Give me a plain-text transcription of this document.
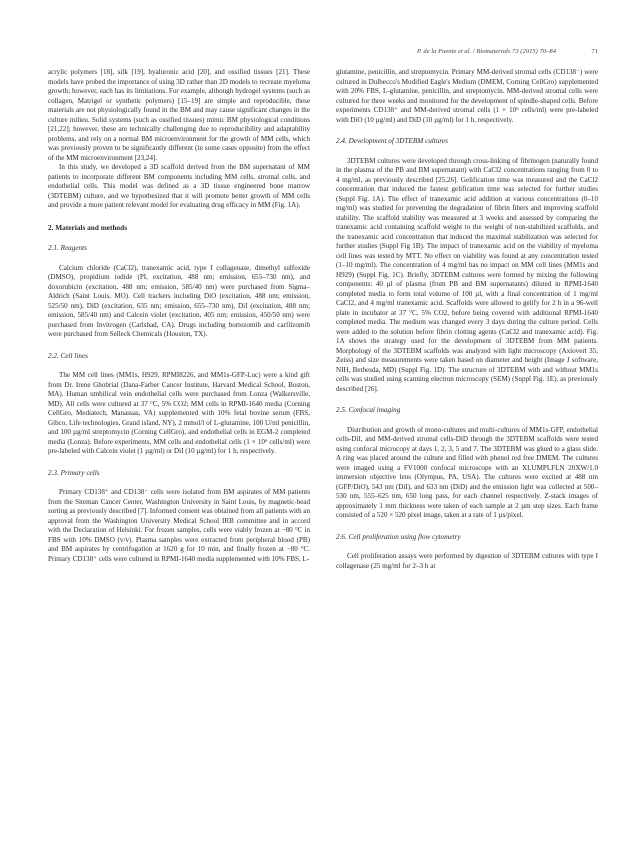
P. de la Puente et al. / Biomaterials 73 (2015) 70–84	71

acrylic polymers [18], silk [19], hyaluronic acid [20], and ossified tissues [21]. These models have probed the importance of using 3D rather than 2D models to recreate myeloma growth; however, each has its limitations. For example, although hydrogel systems (such as collagen, Matrigel or synthetic polymers) [15–19] are simple and reproducible, these materials are not physiologically found in the BM and may cause significant changes in the culture milieu. Solid systems (such as ossified tissues) mimic BM physiological conditions [21,22]; however, these are technically challenging due to reproducibility and adaptability problems, and rely on a normal BM microenvironment for the growth of MM cells, which was previously proven to be significantly different (in some cases opposite) from the effect of the MM microenvironment [23,24].

In this study, we developed a 3D scaffold derived from the BM supernatant of MM patients to incorporate different BM components including MM cells, stromal cells, and endothelial cells. This model was defined as a 3D tissue engineered bone marrow (3DTEBM) culture, and we hypothesized that it will promote better growth of MM cells and provide a more patient relevant model for evaluating drug efficacy in MM (Fig. 1A).

2. Materials and methods
2.1. Reagents

Calcium chloride (CaCl2), tranexamic acid, type I collagenase, dimethyl sulfoxide (DMSO), propidium iodide (PI, excitation, 488 nm; emission, 655–730 nm), and doxorubicin (excitation, 488 nm; emission, 585/40 nm) were purchased from Sigma–Aldrich (Saint Louis, MO). Cell trackers including DiO (excitation, 488 nm; emission, 525/50 nm), DiD (excitation, 635 nm; emission, 655–730 nm), DiI (excitation, 488 nm; emission, 585/40 nm) and Calcein violet (excitation, 405 nm; emission, 450/50 nm) were purchased from Invitrogen (Carlsbad, CA). Drugs including bortezomib and carfilzomib were purchased from Selleck Chemicals (Houston, TX).

2.2. Cell lines

The MM cell lines (MM1s, H929, RPMI8226, and MM1s-GFP-Luc) were a kind gift from Dr. Irene Ghobrial (Dana-Farber Cancer Institute, Harvard Medical School, Boston, MA). Human umbilical vein endothelial cells were purchased from Lonza (Walkersville, MD). All cells were cultured at 37 °C, 5% CO2; MM cells in RPMI-1640 media (Corning CellGro, Mediatech, Manassas, VA) supplemented with 10% fetal bovine serum (FBS, Gibco, Life technologies, Grand island, NY), 2 mmol/l of L-glutamine, 100 U/ml penicillin, and 100 µg/ml streptomycin (Corning CellGro), and endothelial cells in EGM-2 completed media (Lonza). Before experiments, MM cells and endothelial cells (1 × 10⁶ cells/ml) were pre-labeled with Calcein violet (1 µg/ml) or DiI (10 µg/ml) for 1 h, respectively.

2.3. Primary cells

Primary CD138⁺ and CD138⁻ cells were isolated from BM aspirates of MM patients from the Siteman Cancer Center, Washington University in Saint Louis, by magnetic-bead sorting as previously described [7]. Informed consent was obtained from all patients with an approval from the Washington University Medical School IRB committee and in accord with the Declaration of Helsinki. For frozen samples, cells were viably frozen at −80 °C in FBS with 10% DMSO (v/v). Plasma samples were extracted from peripheral blood (PB) and BM aspirates by centrifugation at 1620 g for 10 min, and finally frozen at −80 °C. Primary CD138⁺ cells were cultured in RPMI-1640 media supplemented with 10% FBS, L-

glutamine, penicillin, and streptomycin. Primary MM-derived stromal cells (CD138⁻) were cultured in Dulbecco's Modified Eagle's Medium (DMEM, Corning CellGro) supplemented with 20% FBS, L-glutamine, penicillin, and streptomycin. MM-derived stromal cells were cultured for three weeks and monitored for the development of spindle-shaped cells. Before experiments CD138⁺ and MM-derived stromal cells (1 × 10⁶ cells/ml) were pre-labeled with DiO (10 µg/ml) and DiD (10 µg/ml) for 1 h, respectively.

2.4. Development of 3DTEBM cultures

3DTEBM cultures were developed through cross-linking of fibrinogen (naturally found in the plasma of the PB and BM supernatant) with CaCl2 concentrations ranging from 0 to 4 mg/ml, as previously described [25,26]. Gelification time was measured and the CaCl2 concentration that induced the fastest gelification time was selected for further studies (Suppl Fig. 1A). The effect of tranexamic acid addition at various concentrations (0–10 mg/ml) was studied for preventing the degradation of fibrin fibers and improving scaffold stability. The scaffold stability was measured at 3 weeks and assessed by comparing the tranexamic acid containing scaffold weight to the weight of non-stabilized scaffolds, and the tranexamic acid concentration that induced the maximal stabilization was selected for further studies (Suppl Fig 1B). The impact of tranexamic acid on the viability of myeloma cell lines was tested by MTT. No effect on viability was found at any concentration tested (1–10 mg/ml). The concentration of 4 mg/ml has no impact on MM cell lines (MM1s and H929) (Suppl Fig. 1C). Briefly, 3DTEBM cultures were formed by mixing the following components: 40 µl of plasma (from PB and BM supernatants) diluted in RPMI-1640 completed media to form total volume of 100 µl, with a final concentration of 1 mg/ml CaCl2, and 4 mg/ml tranexamic acid. Scaffolds were allowed to gelify for 2 h in a 96-well plate in incubator at 37 °C, 5% CO2, before being covered with additional RPMI-1640 completed media. The medium was changed every 3 days during the culture period. Cells were added to the solution before fibrin clotting agents (CaCl2 and tranexamic acid). Fig. 1A shows the strategy used for the development of 3DTEBM from MM patients. Morphology of the 3DTEBM scaffolds was analyzed with light microscopy (Axiovert 35, Zeiss) and size measurements were taken based on diameter and height (Image J software, NIH, Bethesda, MD) (Suppl Fig. 1D). The structure of 3DTEBM with and without MM1s cells was studied using scanning electron microscopy (SEM) (Suppl Fig. 1E), as previously described [26].

2.5. Confocal imaging

Distribution and growth of mono-cultures and multi-cultures of MM1s-GFP, endothelial cells-DiI, and MM-derived stromal cells-DiD through the 3DTEBM scaffolds were tested using confocal microcopy at days 1, 2, 3, 5 and 7. The 3DTEBM was glued to a glass slide. A ring was placed around the culture and filled with phenol red free DMEM. The cultures were imaged using a FV1000 confocal microscope with an XLUMPLFLN 20XW/1.0 immersion objective lens (Olympus, PA, USA). The cultures were excited at 488 nm (GFP/DiO), 543 nm (DiI), and 633 nm (DiD) and the emission light was collected at 500–530 nm, 555–625 nm, 650 long pass, for each channel respectively. Z-stack images of approximately 1 mm thickness were taken of each sample at 2 µm step sizes. Each frame consisted of a 520 × 520 pixel image, taken at a rate of 1 µs/pixel.

2.6. Cell proliferation using flow cytometry

Cell proliferation assays were performed by digestion of 3DTEBM cultures with type I collagenase (25 mg/ml for 2–3 h at
